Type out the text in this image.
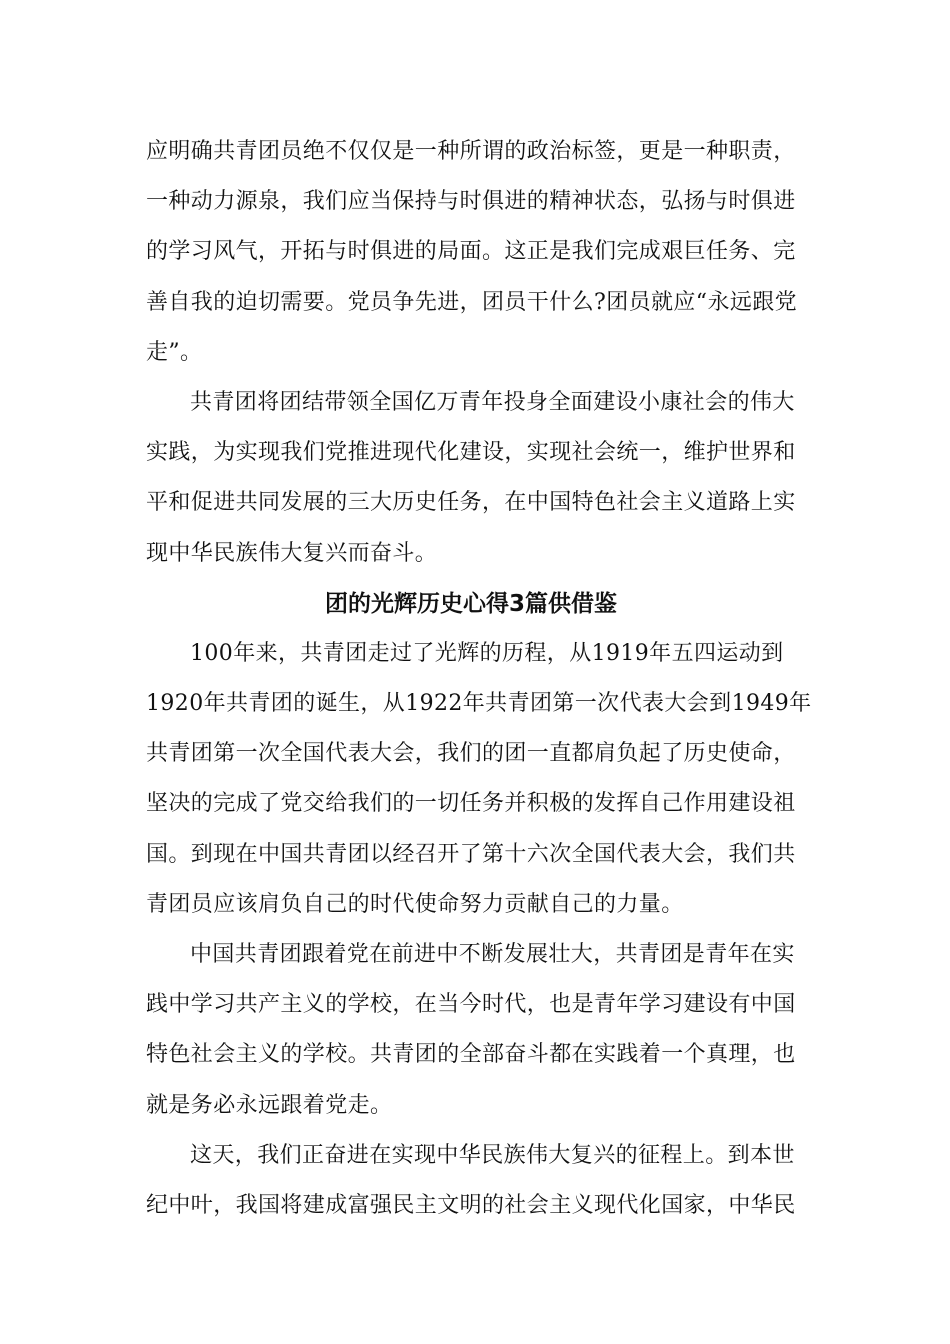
应明确共青团员绝不仅仅是一种所谓的政治标签，更是一种职责，
一种动力源泉，我们应当保持与时俱进的精神状态，弘扬与时俱进
的学习风气，开拓与时俱进的局面。这正是我们完成艰巨任务、完
善自我的迫切需要。党员争先进，团员干什么?团员就应“永远跟党
走”。
共青团将团结带领全国亿万青年投身全面建设小康社会的伟大
实践，为实现我们党推进现代化建设，实现社会统一，维护世界和
平和促进共同发展的三大历史任务，在中国特色社会主义道路上实
现中华民族伟大复兴而奋斗。
团的光辉历史心得3篇供借鉴
100年来，共青团走过了光辉的历程，从1919年五四运动到
1920年共青团的诞生，从1922年共青团第一次代表大会到1949年
共青团第一次全国代表大会，我们的团一直都肩负起了历史使命，
坚决的完成了党交给我们的一切任务并积极的发挥自己作用建设祖
国。到现在中国共青团以经召开了第十六次全国代表大会，我们共
青团员应该肩负自己的时代使命努力贡献自己的力量。
中国共青团跟着党在前进中不断发展壮大，共青团是青年在实
践中学习共产主义的学校，在当今时代，也是青年学习建设有中国
特色社会主义的学校。共青团的全部奋斗都在实践着一个真理，也
就是务必永远跟着党走。
这天，我们正奋进在实现中华民族伟大复兴的征程上。到本世
纪中叶，我国将建成富强民主文明的社会主义现代化国家，中华民
